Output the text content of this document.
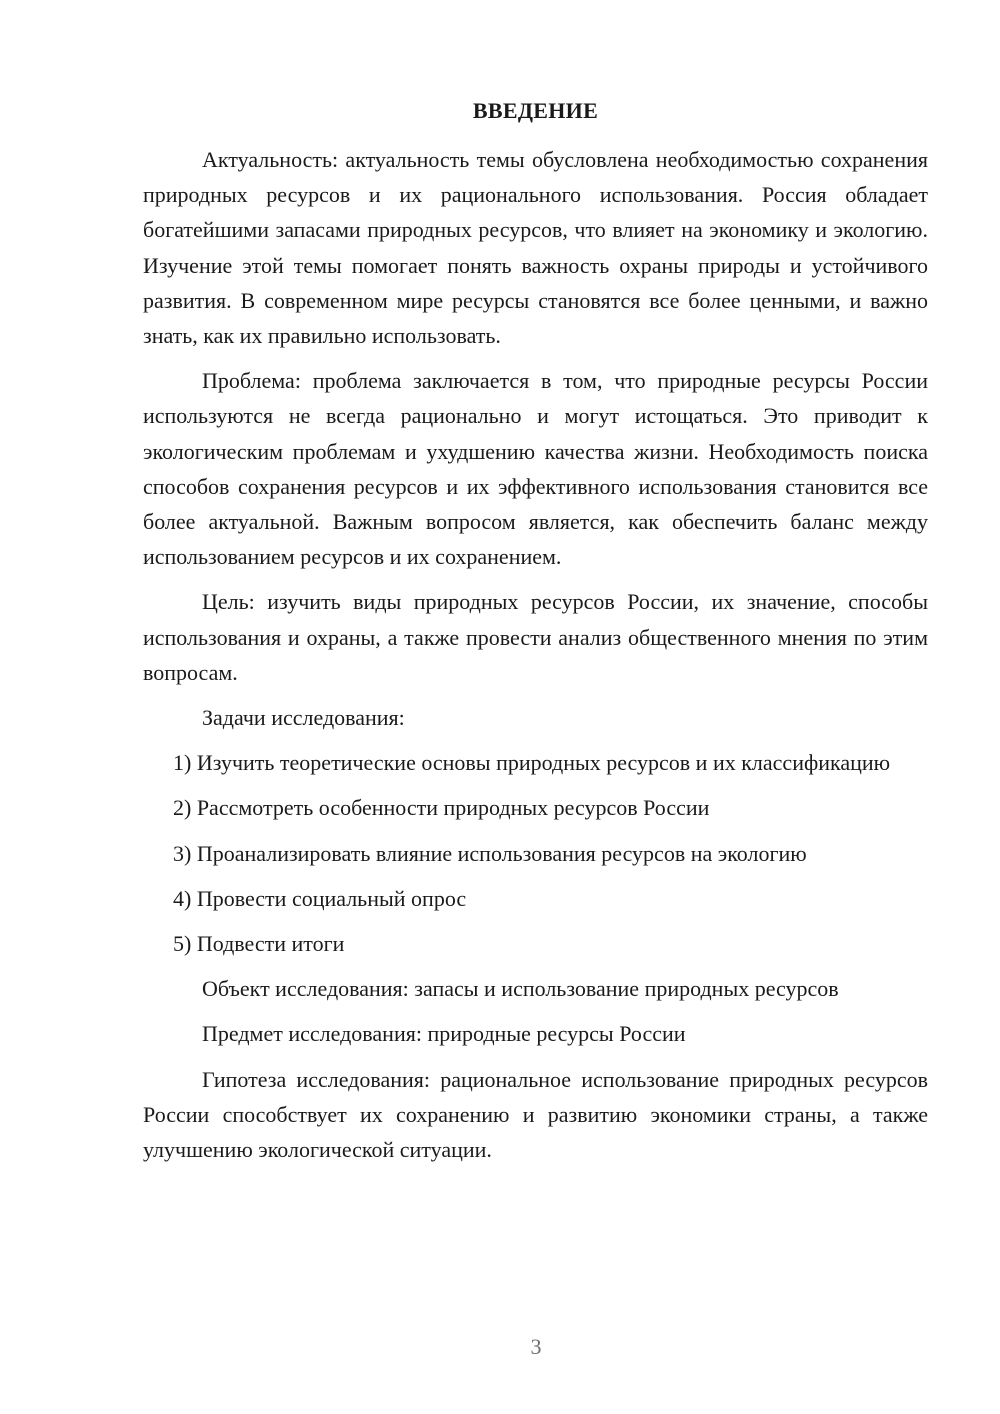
ВВЕДЕНИЕ

Актуальность: актуальность темы обусловлена необходимостью сохранения природных ресурсов и их рационального использования. Россия обладает богатейшими запасами природных ресурсов, что влияет на экономику и экологию. Изучение этой темы помогает понять важность охраны природы и устойчивого развития. В современном мире ресурсы становятся все более ценными, и важно знать, как их правильно использовать.

Проблема: проблема заключается в том, что природные ресурсы России используются не всегда рационально и могут истощаться. Это приводит к экологическим проблемам и ухудшению качества жизни. Необходимость поиска способов сохранения ресурсов и их эффективного использования становится все более актуальной. Важным вопросом является, как обеспечить баланс между использованием ресурсов и их сохранением.

Цель: изучить виды природных ресурсов России, их значение, способы использования и охраны, а также провести анализ общественного мнения по этим вопросам.

Задачи исследования:

1) Изучить теоретические основы природных ресурсов и их классификацию

2) Рассмотреть особенности природных ресурсов России

3) Проанализировать влияние использования ресурсов на экологию

4) Провести социальный опрос

5) Подвести итоги

Объект исследования: запасы и использование природных ресурсов

Предмет исследования: природные ресурсы России

Гипотеза исследования: рациональное использование природных ресурсов России способствует их сохранению и развитию экономики страны, а также улучшению экологической ситуации.

3
